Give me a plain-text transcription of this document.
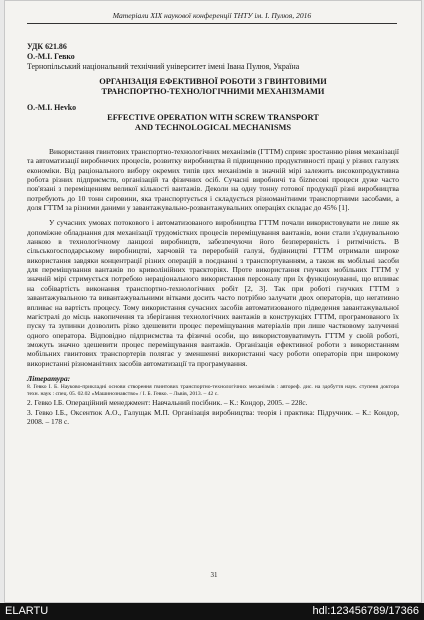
Матеріали XIX наукової конференції ТНТУ ім. І. Пулюя, 2016

УДК 621.86

О.-М.І. Гевко

Тернопільський національний технічний університет імені Івана Пулюя, Україна

ОРГАНІЗАЦІЯ ЕФЕКТИВНОЇ РОБОТИ З ГВИНТОВИМИ
ТРАНСПОРТНО-ТЕХНОЛОГІЧНИМИ МЕХАНІЗМАМИ

O.-M.I. Hevko

EFFECTIVE OPERATION WITH SCREW TRANSPORT
AND TECHNOLOGICAL MECHANISMS

Використання гвинтових транспортно-технологічних механізмів (ГТТМ) сприяє зростанню рівня механізації та автоматизації виробничих процесів, розвитку виробництва й підвищенню продуктивності праці у різних галузях економіки. Від раціонального вибору окремих типів цих механізмів в значній мірі залежить високопродуктивна робота різних підприємств, організацій та фізичних осіб. Сучасні виробничі та біznесові процеси дуже часто пов'язані з переміщенням великої кількості вантажів. Деколи на одну тонну готової продукції різні виробництва потребують до 10 тонн сировини, яка транспортується і складується різноманітними транспортними засобами, а доля ГТТМ за різними даними у завантажувально-розвантажувальних операціях складає до 45% [1].

У сучасних умовах потокового і автоматизованого виробництва ГТТМ почали використовувати не лише як допоміжне обладнання для механізації трудомістких процесів переміщування вантажів, вони стали з'єднувальною ланкою в технологічному ланцюзі виробництв, забезпечуючи його безперервність і ритмічність. В сільськогосподарському виробництві, харчовій та переробній галузі, будівництві ГТТМ отримали широке використання завдяки концентрації різних операцій в поєднанні з транспортуванням, а також як мобільні засоби для переміщування вантажів по криволінійних траєкторіях. Проте використання гнучких мобільних ГТТМ у значній мірі стримується потребою нераціонального використання персоналу при їх функціонуванні, що впливає на собівартість виконання транспортно-технологічних робіт [2, 3]. Так при роботі гнучких ГТТМ з завантажувальною та вивантажувальними вітками досить часто потрібно залучати двох операторів, що негативно впливає на вартість процесу. Тому використання сучасних засобів автоматизованого підведення завантажувальної магістралі до місць накопичення та зберігання технологічних вантажів в конструкціях ГТТМ, програмованого їх пуску та зупинки дозволить різко здешевити процес переміщування матеріалів при лише частковому залученні одного оператора. Відповідно підприємства та фізичні особи, що використовуватимуть ГТТМ у своїй роботі, зможуть значно здешевити процес переміщування вантажів. Організація ефективної роботи з використанням мобільних гвинтових транспортерів полягає у зменшенні використанні часу роботи операторів при широкому використанні різноманітних засобів автоматизації та програмування.

Література:

8. Гевко І. Б. Науково-прикладні основи створення гвинтових транспортно-технологічних механізмів : автореф. дис. на здобуття наук. ступеня доктора техн. наук : спец. 05. 02.02 «Машинознавство» / І. Б. Гевко. – Львів, 2013. – 42 с.

2. Гевко І.Б. Операційний менеджмент: Навчальний посібник. – К.: Кондор, 2005. – 228с.

3. Гевко І.Б., Оксентюк А.О., Галущак М.П. Організація виробництва: теорія і практика: Підручник. – К.: Кондор, 2008. – 178 с.

31
ELARTU	hdl:123456789/17366
